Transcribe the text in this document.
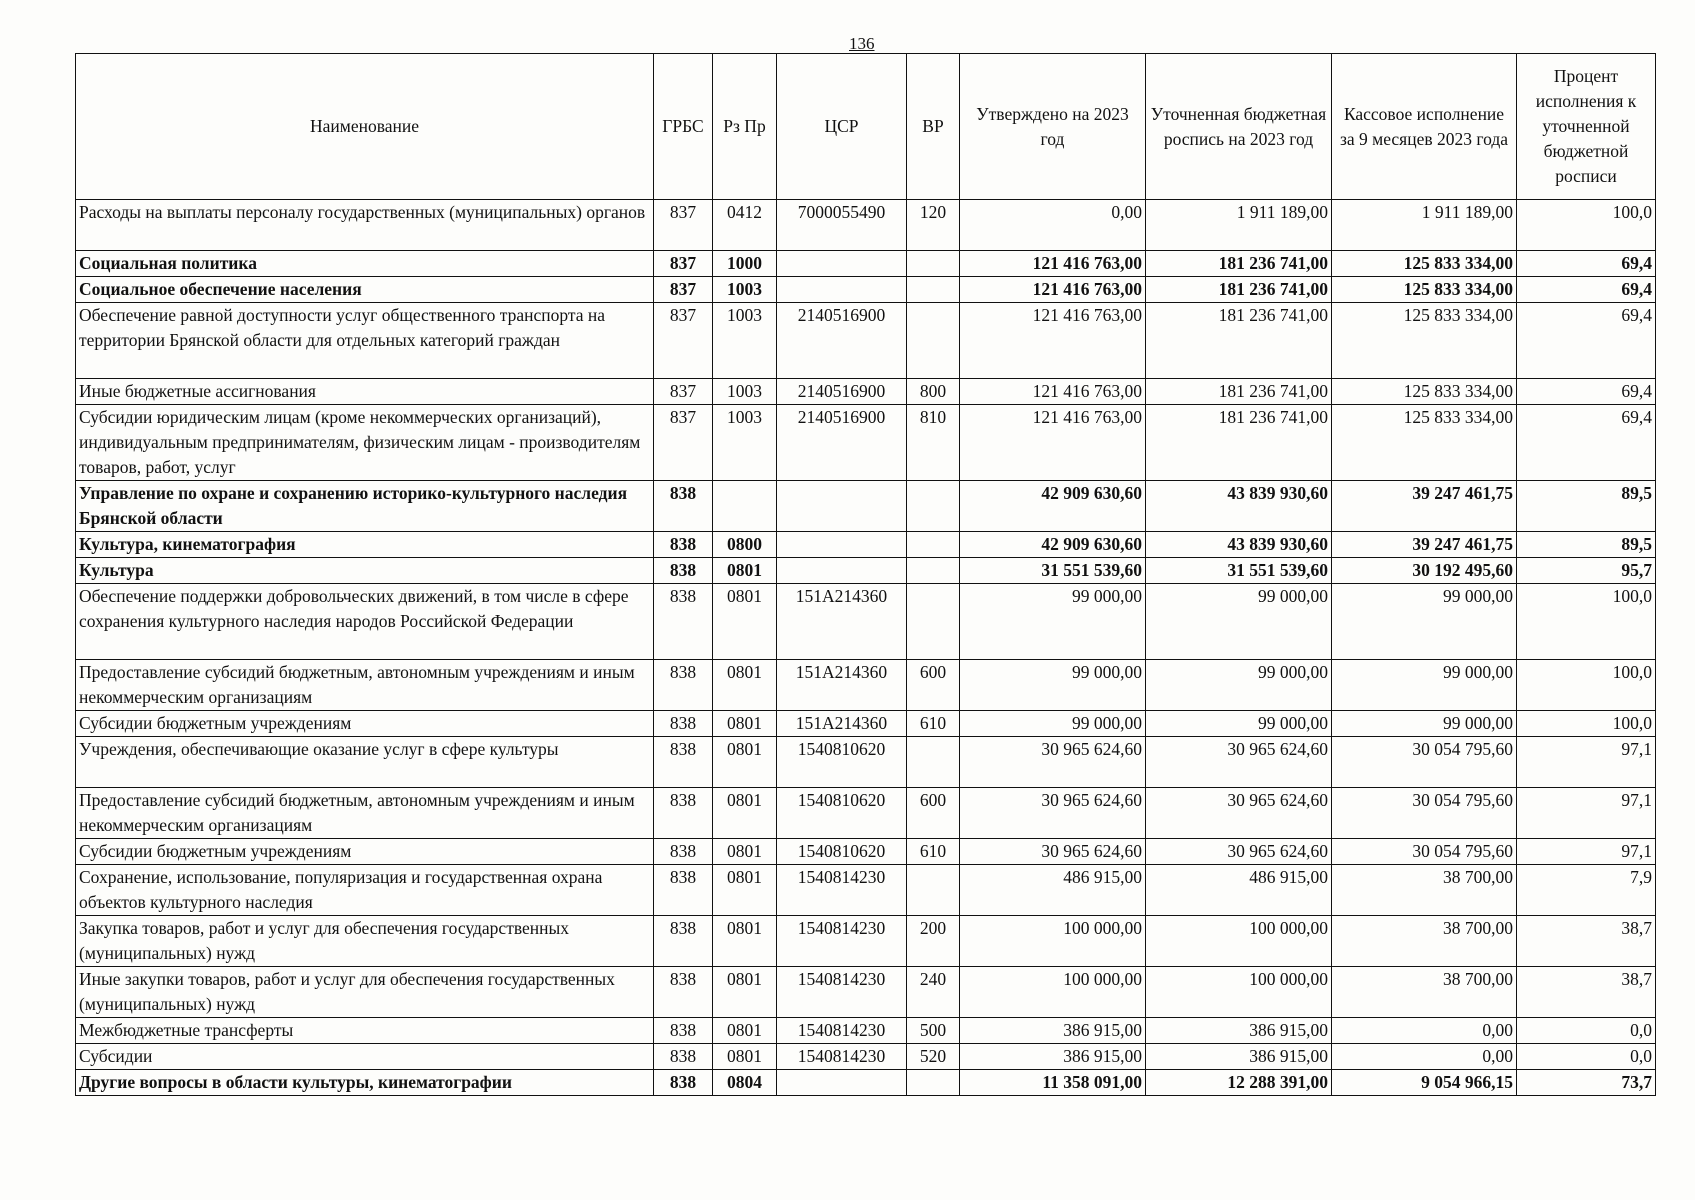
136
Наименование	ГРБС	Рз Пр	ЦСР	ВР	Утверждено на 2023 год	Уточненная бюджетная роспись на 2023 год	Кассовое исполнение за 9 месяцев 2023 года	Процент исполнения к уточненной бюджетной росписи
Расходы на выплаты персоналу государственных (муниципальных) органов	837	0412	7000055490	120	0,00	1 911 189,00	1 911 189,00	100,0
Социальная политика	837	1000			121 416 763,00	181 236 741,00	125 833 334,00	69,4
Социальное обеспечение населения	837	1003			121 416 763,00	181 236 741,00	125 833 334,00	69,4
Обеспечение равной доступности услуг общественного транспорта на территории Брянской области для отдельных категорий граждан	837	1003	2140516900		121 416 763,00	181 236 741,00	125 833 334,00	69,4
Иные бюджетные ассигнования	837	1003	2140516900	800	121 416 763,00	181 236 741,00	125 833 334,00	69,4
Субсидии юридическим лицам (кроме некоммерческих организаций), индивидуальным предпринимателям, физическим лицам - производителям товаров, работ, услуг	837	1003	2140516900	810	121 416 763,00	181 236 741,00	125 833 334,00	69,4
Управление по охране и сохранению историко-культурного наследия Брянской области	838				42 909 630,60	43 839 930,60	39 247 461,75	89,5
Культура, кинематография	838	0800			42 909 630,60	43 839 930,60	39 247 461,75	89,5
Культура	838	0801			31 551 539,60	31 551 539,60	30 192 495,60	95,7
Обеспечение поддержки добровольческих движений, в том числе в сфере сохранения культурного наследия народов Российской Федерации	838	0801	151A214360		99 000,00	99 000,00	99 000,00	100,0
Предоставление субсидий бюджетным, автономным учреждениям и иным некоммерческим организациям	838	0801	151A214360	600	99 000,00	99 000,00	99 000,00	100,0
Субсидии бюджетным учреждениям	838	0801	151A214360	610	99 000,00	99 000,00	99 000,00	100,0
Учреждения, обеспечивающие оказание услуг в сфере культуры	838	0801	1540810620		30 965 624,60	30 965 624,60	30 054 795,60	97,1
Предоставление субсидий бюджетным, автономным учреждениям и иным некоммерческим организациям	838	0801	1540810620	600	30 965 624,60	30 965 624,60	30 054 795,60	97,1
Субсидии бюджетным учреждениям	838	0801	1540810620	610	30 965 624,60	30 965 624,60	30 054 795,60	97,1
Сохранение, использование, популяризация и государственная охрана объектов культурного наследия	838	0801	1540814230		486 915,00	486 915,00	38 700,00	7,9
Закупка товаров, работ и услуг для обеспечения государственных (муниципальных) нужд	838	0801	1540814230	200	100 000,00	100 000,00	38 700,00	38,7
Иные закупки товаров, работ и услуг для обеспечения государственных (муниципальных) нужд	838	0801	1540814230	240	100 000,00	100 000,00	38 700,00	38,7
Межбюджетные трансферты	838	0801	1540814230	500	386 915,00	386 915,00	0,00	0,0
Субсидии	838	0801	1540814230	520	386 915,00	386 915,00	0,00	0,0
Другие вопросы в области культуры, кинематографии	838	0804			11 358 091,00	12 288 391,00	9 054 966,15	73,7
